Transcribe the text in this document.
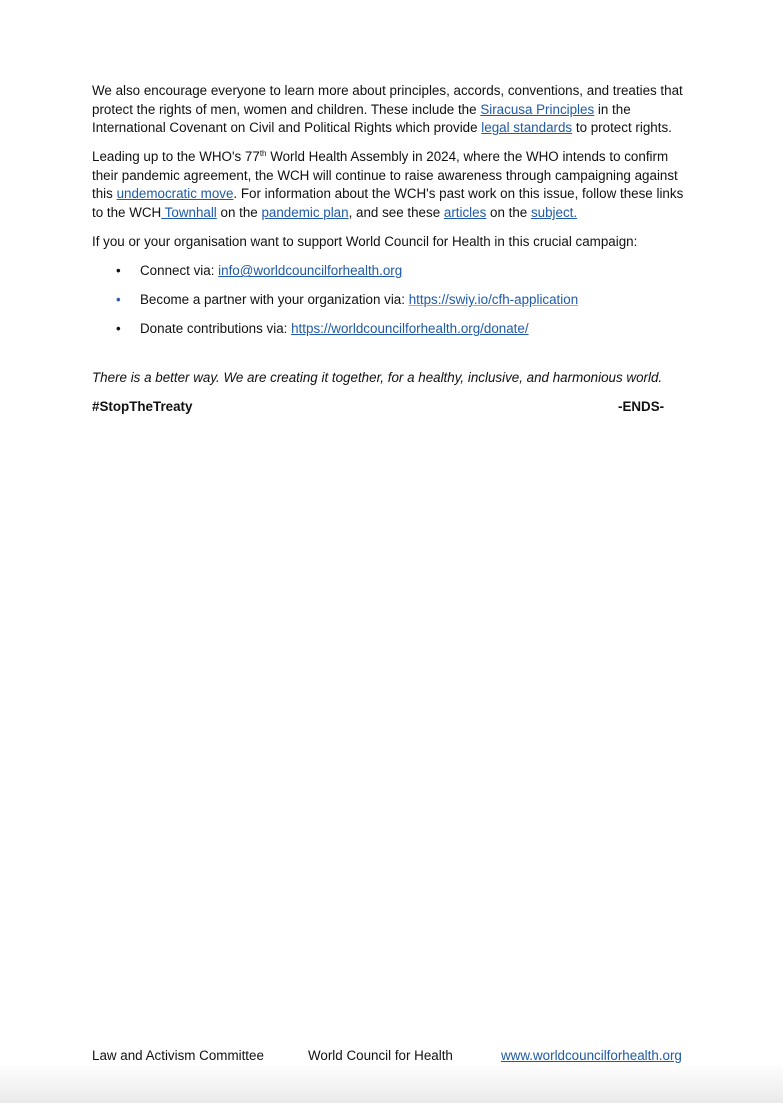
We also encourage everyone to learn more about principles, accords, conventions, and treaties that protect the rights of men, women and children. These include the Siracusa Principles in the International Covenant on Civil and Political Rights which provide legal standards to protect rights.

Leading up to the WHO's 77th World Health Assembly in 2024, where the WHO intends to confirm their pandemic agreement, the WCH will continue to raise awareness through campaigning against this undemocratic move. For information about the WCH's past work on this issue, follow these links to the WCH Townhall on the pandemic plan, and see these articles on the subject.

If you or your organisation want to support World Council for Health in this crucial campaign:

• Connect via: info@worldcouncilforhealth.org
• Become a partner with your organization via: https://swiy.io/cfh-application
• Donate contributions via: https://worldcouncilforhealth.org/donate/

There is a better way. We are creating it together, for a healthy, inclusive, and harmonious world.

#StopTheTreaty	-ENDS-
Law and Activism Committee	World Council for Health	www.worldcouncilforhealth.org
